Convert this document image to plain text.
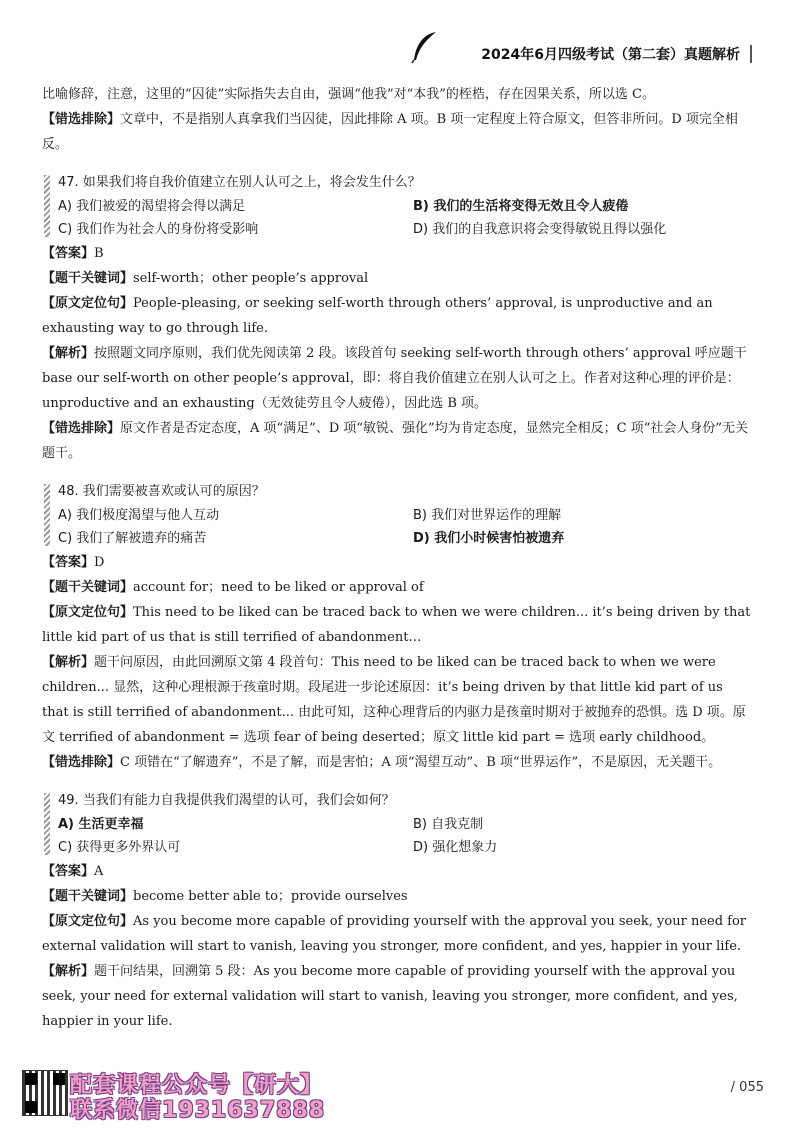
2024年6月四级考试（第二套）真题解析

比喻修辞，注意，这里的“囚徒”实际指失去自由，强调“他我”对“本我”的桎梏，存在因果关系，所以选 C。

【错选排除】文章中，不是指别人真拿我们当囚徒，因此排除 A 项。B 项一定程度上符合原文，但答非所问。D 项完全相反。

47. 如果我们将自我价值建立在别人认可之上，将会发生什么？
A) 我们被爱的渴望将会得以满足	B) 我们的生活将变得无效且令人疲倦
C) 我们作为社会人的身份将受影响	D) 我们的自我意识将会变得敏锐且得以强化

【答案】B

【题干关键词】self-worth；other people’s approval

【原文定位句】People-pleasing, or seeking self-worth through others’ approval, is unproductive and an exhausting way to go through life.

【解析】按照题文同序原则，我们优先阅读第 2 段。该段首句 seeking self-worth through others’ approval 呼应题干 base our self-worth on other people’s approval，即：将自我价值建立在别人认可之上。作者对这种心理的评价是：unproductive and an exhausting（无效徒劳且令人疲倦），因此选 B 项。

【错选排除】原文作者是否定态度，A 项“满足”、D 项“敏锐、强化”均为肯定态度，显然完全相反；C 项“社会人身份”无关题干。

48. 我们需要被喜欢或认可的原因？
A) 我们极度渴望与他人互动	B) 我们对世界运作的理解
C) 我们了解被遗弃的痛苦	D) 我们小时候害怕被遗弃

【答案】D

【题干关键词】account for；need to be liked or approval of

【原文定位句】This need to be liked can be traced back to when we were children... it’s being driven by that little kid part of us that is still terrified of abandonment…

【解析】题干问原因，由此回溯原文第 4 段首句：This need to be liked can be traced back to when we were children... 显然，这种心理根源于孩童时期。段尾进一步论述原因：it’s being driven by that little kid part of us that is still terrified of abandonment... 由此可知，这种心理背后的内驱力是孩童时期对于被抛弃的恐惧。选 D 项。原文 terrified of abandonment = 选项 fear of being deserted；原文 little kid part = 选项 early childhood。

【错选排除】C 项错在“了解遗弃”，不是了解，而是害怕；A 项“渴望互动”、B 项“世界运作”，不是原因，无关题干。

49. 当我们有能力自我提供我们渴望的认可，我们会如何？
A) 生活更幸福	B) 自我克制
C) 获得更多外界认可	D) 强化想象力

【答案】A

【题干关键词】become better able to；provide ourselves

【原文定位句】As you become more capable of providing yourself with the approval you seek, your need for external validation will start to vanish, leaving you stronger, more confident, and yes, happier in your life.

【解析】题干问结果，回溯第 5 段：As you become more capable of providing yourself with the approval you seek, your need for external validation will start to vanish, leaving you stronger, more confident, and yes, happier in your life.

配套课程公众号【研大】
联系微信1931637888
/ 055
